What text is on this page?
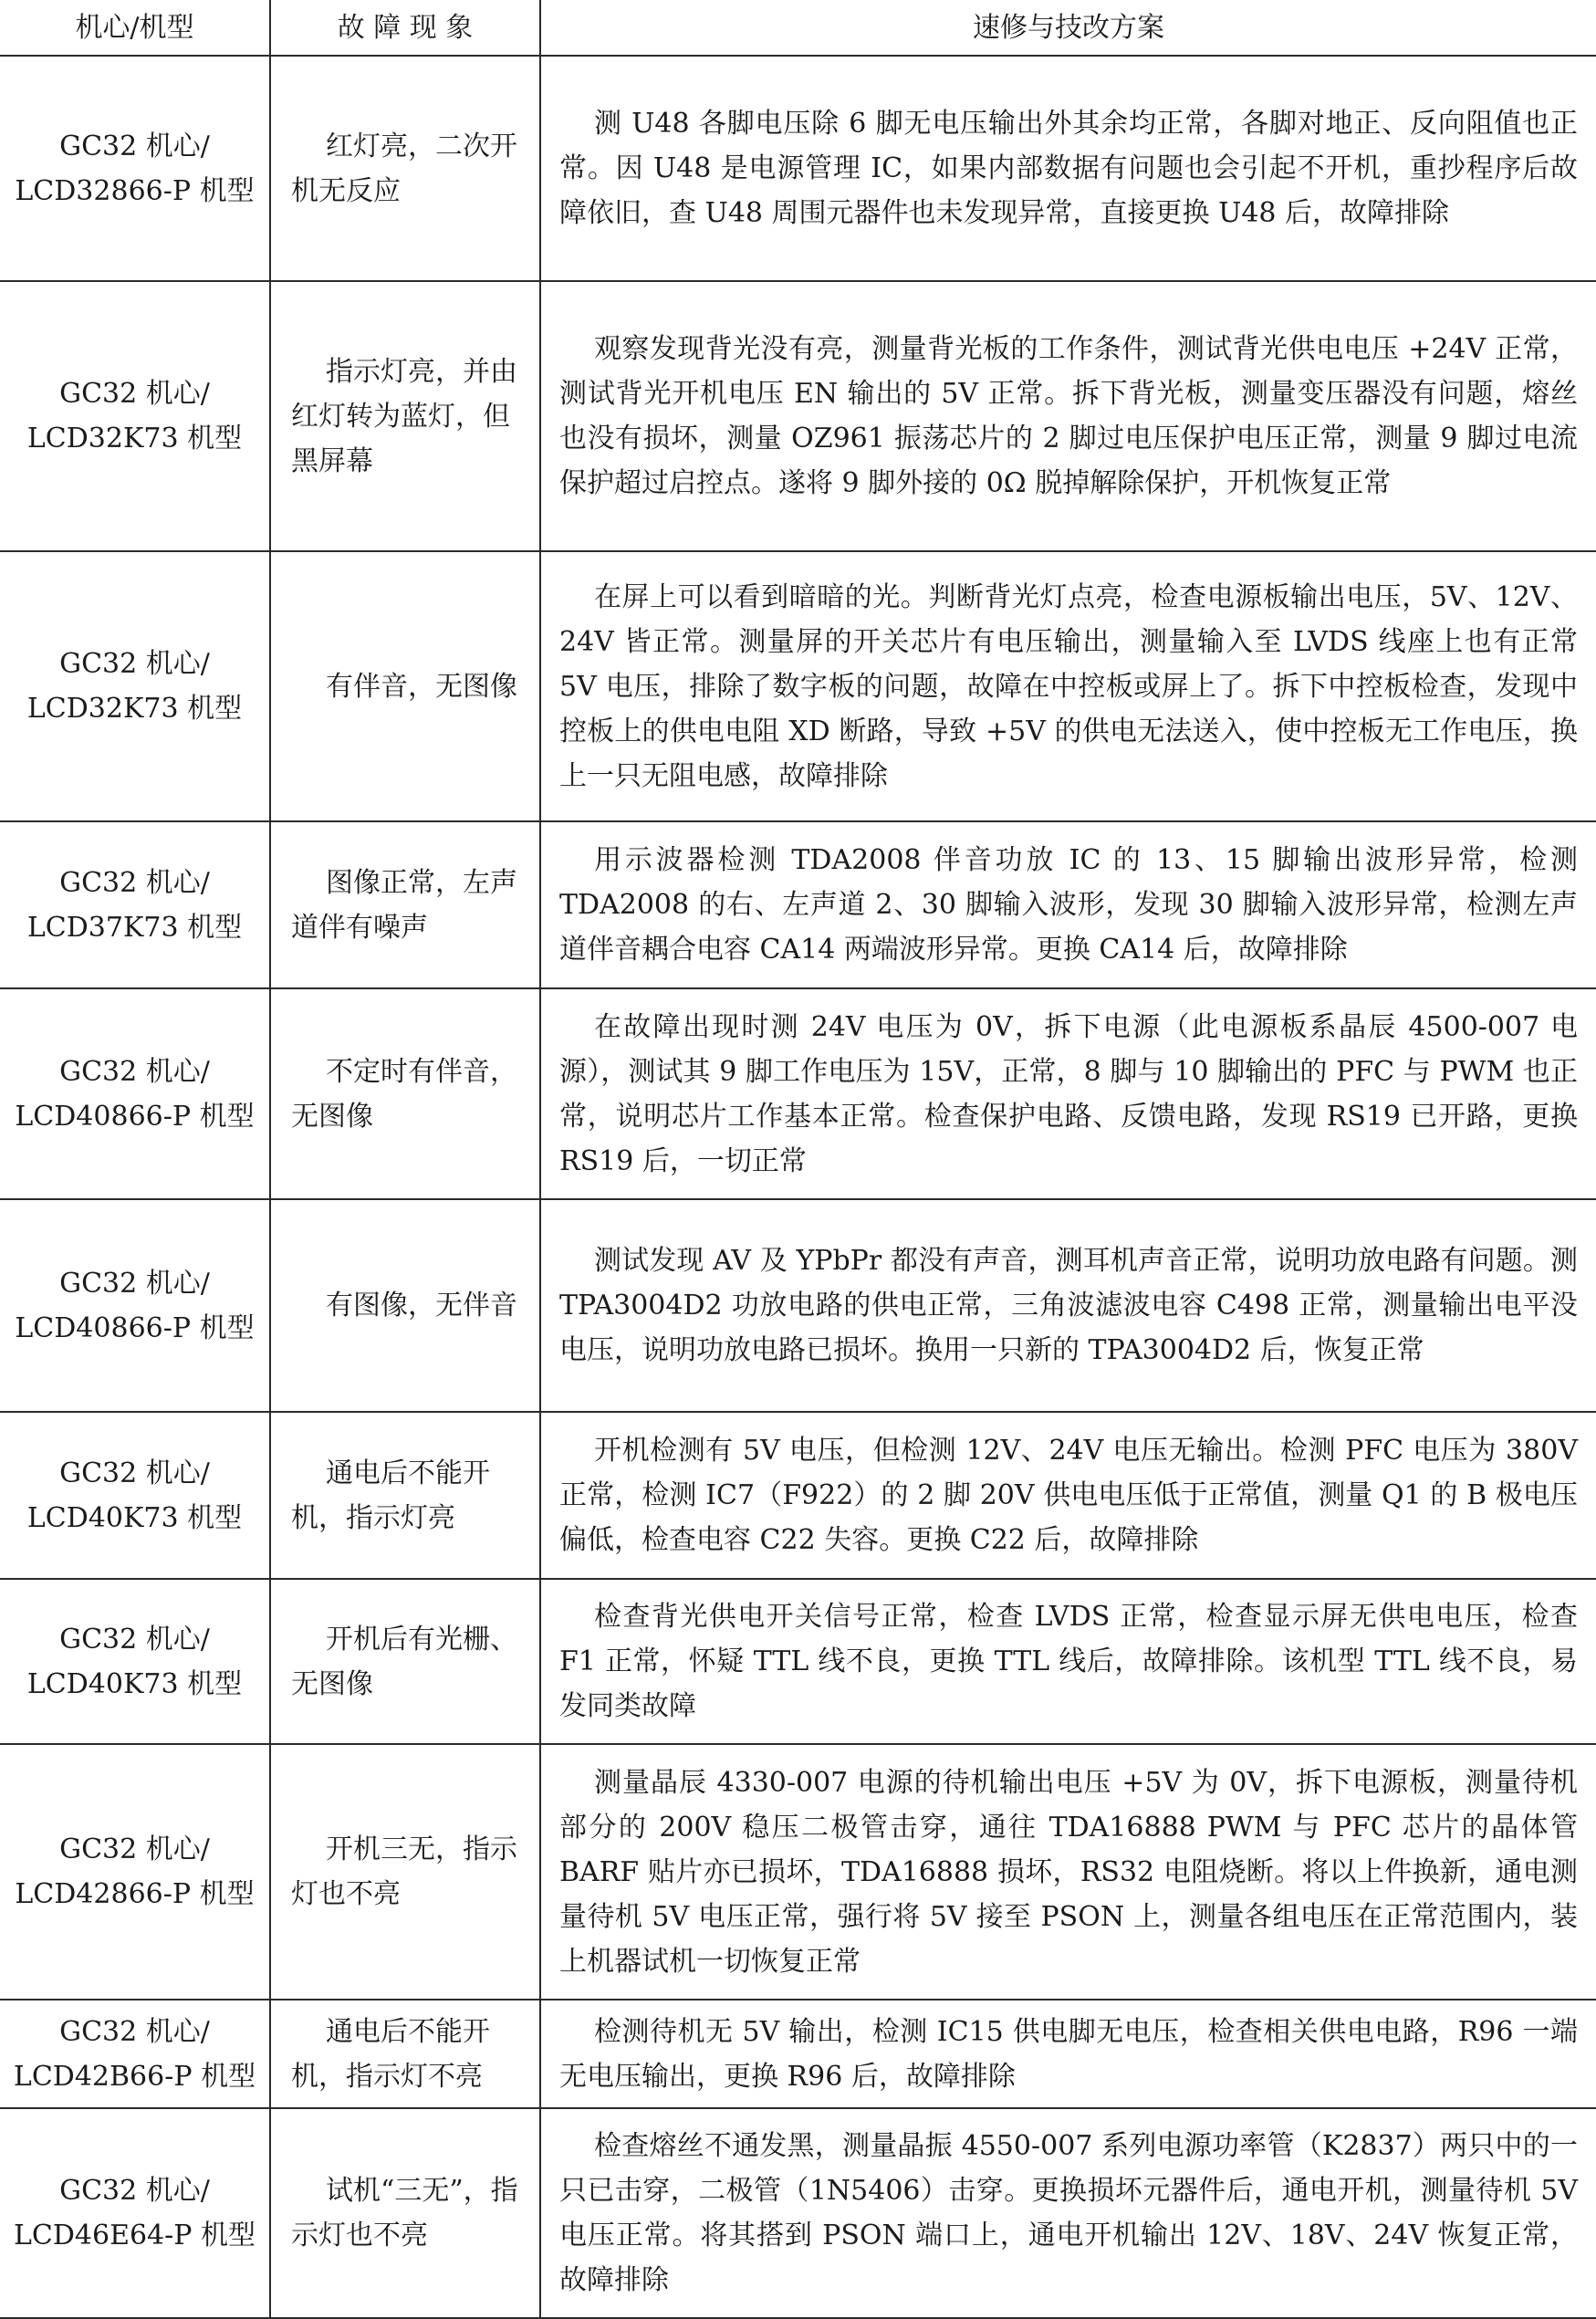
机心/机型	故 障 现 象	速修与技改方案
GC32 机心/
LCD32866-P 机型	红灯亮，二次开机无反应	测 U48 各脚电压除 6 脚无电压输出外其余均正常，各脚对地正、反向阻值也正常。因 U48 是电源管理 IC，如果内部数据有问题也会引起不开机，重抄程序后故障依旧，查 U48 周围元器件也未发现异常，直接更换 U48 后，故障排除
GC32 机心/
LCD32K73 机型	指示灯亮，并由红灯转为蓝灯，但黑屏幕	观察发现背光没有亮，测量背光板的工作条件，测试背光供电电压 +24V 正常，测试背光开机电压 EN 输出的 5V 正常。拆下背光板，测量变压器没有问题，熔丝也没有损坏，测量 OZ961 振荡芯片的 2 脚过电压保护电压正常，测量 9 脚过电流保护超过启控点。遂将 9 脚外接的 0Ω 脱掉解除保护，开机恢复正常
GC32 机心/
LCD32K73 机型	有伴音，无图像	在屏上可以看到暗暗的光。判断背光灯点亮，检查电源板输出电压，5V、12V、24V 皆正常。测量屏的开关芯片有电压输出，测量输入至 LVDS 线座上也有正常 5V 电压，排除了数字板的问题，故障在中控板或屏上了。拆下中控板检查，发现中控板上的供电电阻 XD 断路，导致 +5V 的供电无法送入，使中控板无工作电压，换上一只无阻电感，故障排除
GC32 机心/
LCD37K73 机型	图像正常，左声道伴有噪声	用示波器检测 TDA2008 伴音功放 IC 的 13、15 脚输出波形异常，检测 TDA2008 的右、左声道 2、30 脚输入波形，发现 30 脚输入波形异常，检测左声道伴音耦合电容 CA14 两端波形异常。更换 CA14 后，故障排除
GC32 机心/
LCD40866-P 机型	不定时有伴音，无图像	在故障出现时测 24V 电压为 0V，拆下电源（此电源板系晶辰 4500-007 电源），测试其 9 脚工作电压为 15V，正常，8 脚与 10 脚输出的 PFC 与 PWM 也正常，说明芯片工作基本正常。检查保护电路、反馈电路，发现 RS19 已开路，更换 RS19 后，一切正常
GC32 机心/
LCD40866-P 机型	有图像，无伴音	测试发现 AV 及 YPbPr 都没有声音，测耳机声音正常，说明功放电路有问题。测 TPA3004D2 功放电路的供电正常，三角波滤波电容 C498 正常，测量输出电平没电压，说明功放电路已损坏。换用一只新的 TPA3004D2 后，恢复正常
GC32 机心/
LCD40K73 机型	通电后不能开机，指示灯亮	开机检测有 5V 电压，但检测 12V、24V 电压无输出。检测 PFC 电压为 380V 正常，检测 IC7（F922）的 2 脚 20V 供电电压低于正常值，测量 Q1 的 B 极电压偏低，检查电容 C22 失容。更换 C22 后，故障排除
GC32 机心/
LCD40K73 机型	开机后有光栅、无图像	检查背光供电开关信号正常，检查 LVDS 正常，检查显示屏无供电电压，检查 F1 正常，怀疑 TTL 线不良，更换 TTL 线后，故障排除。该机型 TTL 线不良，易发同类故障
GC32 机心/
LCD42866-P 机型	开机三无，指示灯也不亮	测量晶辰 4330-007 电源的待机输出电压 +5V 为 0V，拆下电源板，测量待机部分的 200V 稳压二极管击穿，通往 TDA16888 PWM 与 PFC 芯片的晶体管 BARF 贴片亦已损坏，TDA16888 损坏，RS32 电阻烧断。将以上件换新，通电测量待机 5V 电压正常，强行将 5V 接至 PSON 上，测量各组电压在正常范围内，装上机器试机一切恢复正常
GC32 机心/
LCD42B66-P 机型	通电后不能开机，指示灯不亮	检测待机无 5V 输出，检测 IC15 供电脚无电压，检查相关供电电路，R96 一端无电压输出，更换 R96 后，故障排除
GC32 机心/
LCD46E64-P 机型	试机“三无”，指示灯也不亮	检查熔丝不通发黑，测量晶振 4550-007 系列电源功率管（K2837）两只中的一只已击穿，二极管（1N5406）击穿。更换损坏元器件后，通电开机，测量待机 5V 电压正常。将其搭到 PSON 端口上，通电开机输出 12V、18V、24V 恢复正常，故障排除
